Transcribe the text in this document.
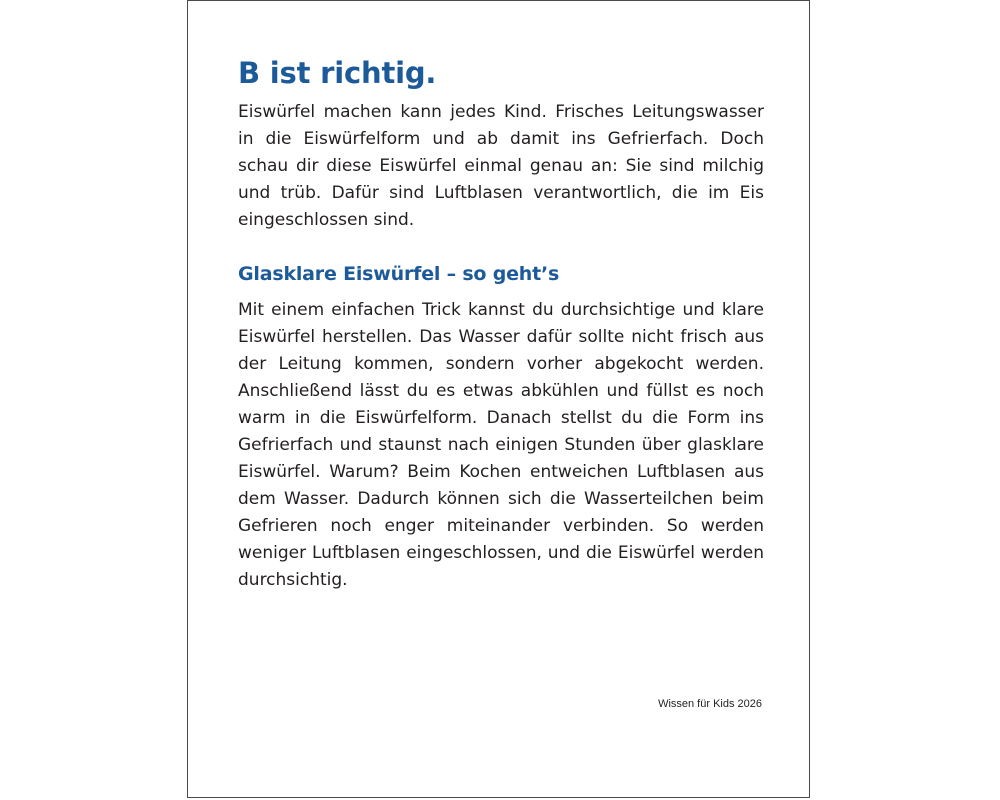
B ist richtig.

Eiswürfel machen kann jedes Kind. Frisches Leitungswasser in die Eiswürfelform und ab damit ins Gefrierfach. Doch schau dir diese Eiswürfel einmal genau an: Sie sind milchig und trüb. Dafür sind Luftblasen verantwortlich, die im Eis eingeschlossen sind.

Glasklare Eiswürfel – so geht’s

Mit einem einfachen Trick kannst du durchsichtige und klare Eiswürfel herstellen. Das Wasser dafür sollte nicht frisch aus der Leitung kommen, sondern vorher abgekocht werden. Anschließend lässt du es etwas abkühlen und füllst es noch warm in die Eiswürfelform. Danach stellst du die Form ins Gefrierfach und staunst nach einigen Stunden über glasklare Eiswürfel. Warum? Beim Kochen entweichen Luftblasen aus dem Wasser. Dadurch können sich die Wasserteilchen beim Gefrieren noch enger miteinander verbinden. So werden weniger Luftblasen eingeschlossen, und die Eiswürfel werden durchsichtig.

Wissen für Kids 2026
